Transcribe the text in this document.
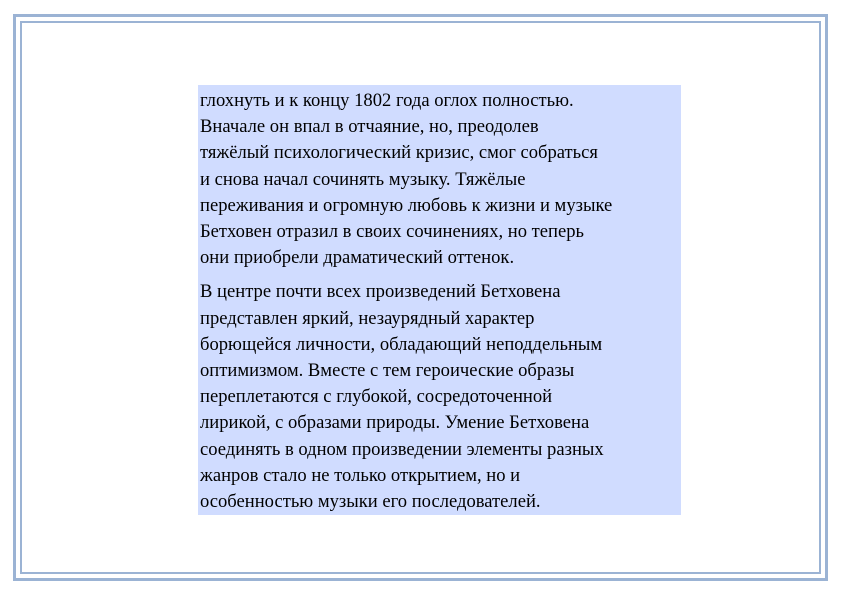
глохнуть и к концу 1802 года оглох полностью.
Вначале он впал в отчаяние, но, преодолев
тяжёлый психологический кризис, смог собраться
и снова начал сочинять музыку. Тяжёлые
переживания и огромную любовь к жизни и музыке
Бетховен отразил в своих сочинениях, но теперь
они приобрели драматический оттенок.

В центре почти всех произведений Бетховена
представлен яркий, незаурядный характер
борющейся личности, обладающий неподдельным
оптимизмом. Вместе с тем героические образы
переплетаются с глубокой, сосредоточенной
лирикой, с образами природы. Умение Бетховена
соединять в одном произведении элементы разных
жанров стало не только открытием, но и
особенностью музыки его последователей.
